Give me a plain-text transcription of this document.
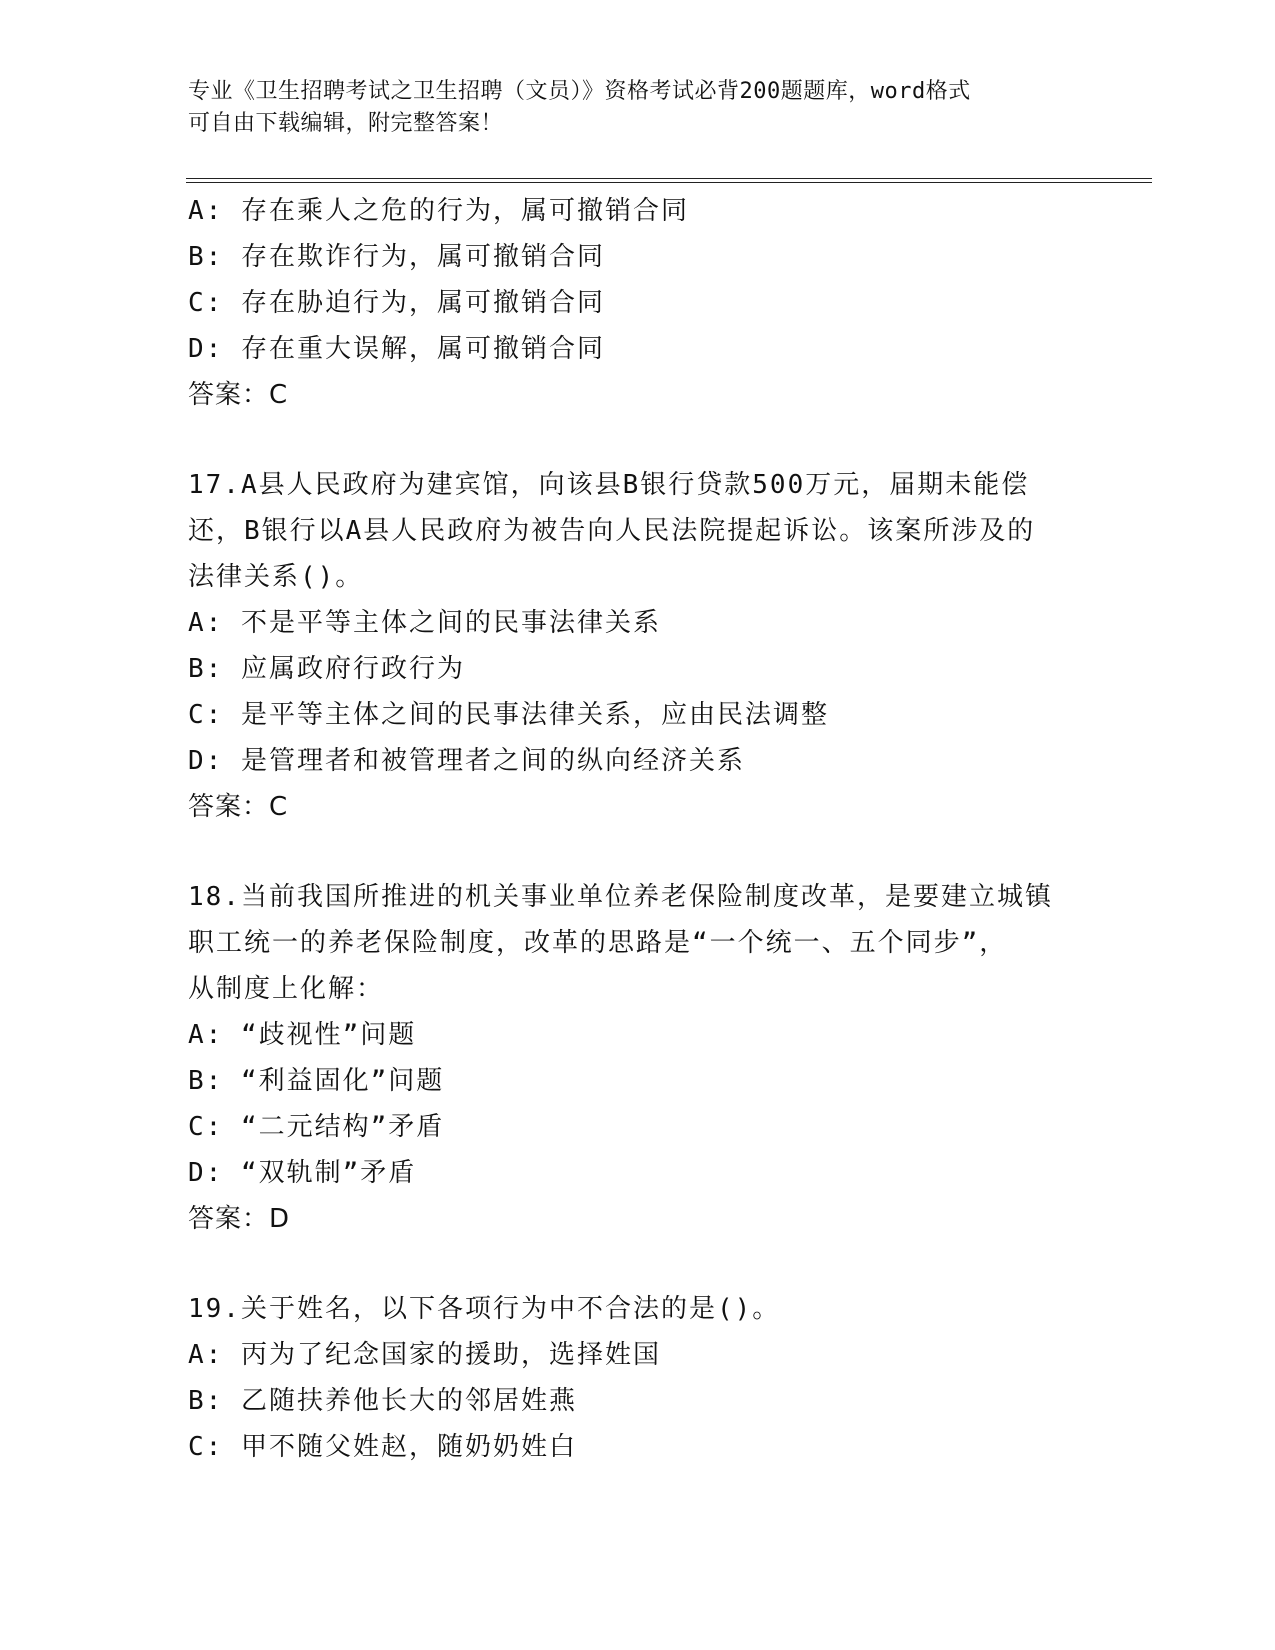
专业《卫生招聘考试之卫生招聘（文员）》资格考试必背200题题库，word格式

可自由下载编辑，附完整答案！

A: 存在乘人之危的行为，属可撤销合同
B: 存在欺诈行为，属可撤销合同
C: 存在胁迫行为，属可撤销合同
D: 存在重大误解，属可撤销合同
答案：C
17.A县人民政府为建宾馆，向该县B银行贷款500万元，届期未能偿
还，B银行以A县人民政府为被告向人民法院提起诉讼。该案所涉及的
法律关系()。
A: 不是平等主体之间的民事法律关系
B: 应属政府行政行为
C: 是平等主体之间的民事法律关系，应由民法调整
D: 是管理者和被管理者之间的纵向经济关系
答案：C
18.当前我国所推进的机关事业单位养老保险制度改革，是要建立城镇
职工统一的养老保险制度，改革的思路是“一个统一、五个同步”，
从制度上化解：
A: “歧视性”问题
B: “利益固化”问题
C: “二元结构”矛盾
D: “双轨制”矛盾
答案：D
19.关于姓名，以下各项行为中不合法的是()。
A: 丙为了纪念国家的援助，选择姓国
B: 乙随扶养他长大的邻居姓燕
C: 甲不随父姓赵，随奶奶姓白
